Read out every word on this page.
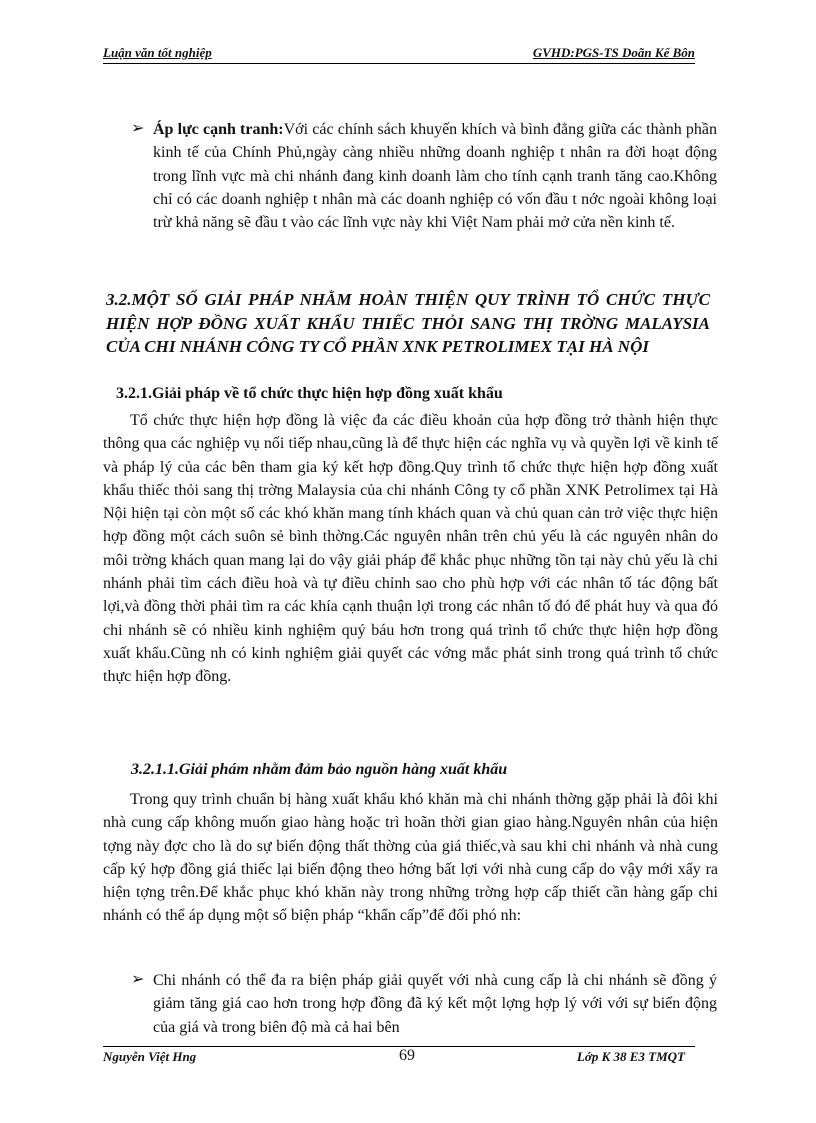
Luận văn tốt nghiệp	GVHD:PGS-TS Doãn Kế Bôn
➢ Áp lực cạnh tranh:Với các chính sách khuyến khích và bình đẳng giữa các thành phần kinh tế của Chính Phủ,ngày càng nhiều những doanh nghiệp t nhân ra đời hoạt động trong lĩnh vực mà chi nhánh đang kinh doanh làm cho tính cạnh tranh tăng cao.Không chỉ có các doanh nghiệp t nhân mà các doanh nghiệp có vốn đầu t nớc ngoài không loại trừ khả năng sẽ đầu t vào các lĩnh vực này khi Việt Nam phải mở cửa nền kinh tế.

3.2.MỘT SỐ GIẢI PHÁP NHẰM HOÀN THIỆN QUY TRÌNH TỔ CHỨC THỰC HIỆN HỢP ĐỒNG XUẤT KHẨU THIẾC THỎI SANG THỊ TRỜNG MALAYSIA CỦA CHI NHÁNH CÔNG TY CỔ PHẦN XNK PETROLIMEX TẠI HÀ NỘI

3.2.1.Giải pháp về tổ chức thực hiện hợp đồng xuất khẩu

Tổ chức thực hiện hợp đồng là việc đa các điều khoản của hợp đồng trở thành hiện thực thông qua các nghiệp vụ nối tiếp nhau,cũng là để thực hiện các nghĩa vụ và quyền lợi về kinh tế và pháp lý của các bên tham gia ký kết hợp đồng.Quy trình tổ chức thực hiện hợp đồng xuất khẩu thiếc thỏi sang thị trờng Malaysia của chi nhánh Công ty cổ phần XNK Petrolimex tại Hà Nội hiện tại còn một số các khó khăn mang tính khách quan và chủ quan cản trở việc thực hiện hợp đồng một cách suôn sẻ bình thờng.Các nguyên nhân trên chủ yếu là các nguyên nhân do môi trờng khách quan mang lại do vậy giải pháp để khắc phục những tồn tại này chủ yếu là chi nhánh phải tìm cách điều hoà và tự điều chỉnh sao cho phù hợp với các nhân tố tác động bất lợi,và đồng thời phải tìm ra các khía cạnh thuận lợi trong các nhân tố đó để phát huy và qua đó chi nhánh sẽ có nhiều kinh nghiệm quý báu hơn trong quá trình tổ chức thực hiện hợp đồng xuất khẩu.Cũng nh có kinh nghiệm giải quyết các vớng mắc phát sinh trong quá trình tổ chức thực hiện hợp đồng.

3.2.1.1.Giải phám nhằm đảm bảo nguồn hàng xuất khẩu

Trong quy trình chuẩn bị hàng xuất khẩu khó khăn mà chi nhánh thờng gặp phải là đôi khi nhà cung cấp không muốn giao hàng hoặc trì hoãn thời gian giao hàng.Nguyên nhân của hiện tợng này đợc cho là do sự biến động thất thờng của giá thiếc,và sau khi chi nhánh và nhà cung cấp ký hợp đồng giá thiếc lại biến động theo hớng bất lợi với nhà cung cấp do vậy mới xẩy ra hiện tợng trên.Để khắc phục khó khăn này trong những trờng hợp cấp thiết cần hàng gấp chi nhánh có thể áp dụng một số biện pháp “khẩn cấp”để đối phó nh:

➢ Chi nhánh có thể đa ra biện pháp giải quyết với nhà cung cấp là chi nhánh sẽ đồng ý giảm tăng giá cao hơn trong hợp đồng đã ký kết một lợng hợp lý với với sự biến động của giá và trong biên độ mà cả hai bên

Nguyễn Việt Hng	69	Lớp K 38 E3 TMQT
